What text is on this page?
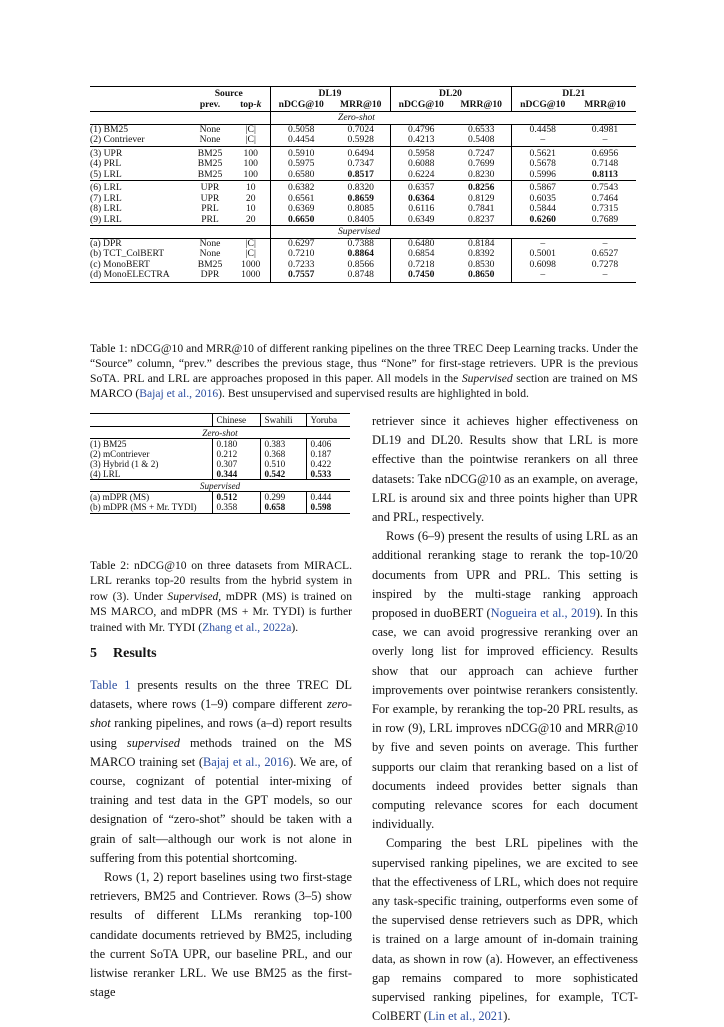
	Source		DL19		DL20		DL21	
	prev.	top-k	nDCG@10	MRR@10	nDCG@10	MRR@10	nDCG@10	MRR@10
				Zero-shot				
(1) BM25	None	|C|	0.5058	0.7024	0.4796	0.6533	0.4458	0.4981
(2) Contriever	None	|C|	0.4454	0.5928	0.4213	0.5408	–	–
(3) UPR	BM25	100	0.5910	0.6494	0.5958	0.7247	0.5621	0.6956
(4) PRL	BM25	100	0.5975	0.7347	0.6088	0.7699	0.5678	0.7148
(5) LRL	BM25	100	0.6580	0.8517	0.6224	0.8230	0.5996	0.8113
(6) LRL	UPR	10	0.6382	0.8320	0.6357	0.8256	0.5867	0.7543
(7) LRL	UPR	20	0.6561	0.8659	0.6364	0.8129	0.6035	0.7464
(8) LRL	PRL	10	0.6369	0.8085	0.6116	0.7841	0.5844	0.7315
(9) LRL	PRL	20	0.6650	0.8405	0.6349	0.8237	0.6260	0.7689
				Supervised				
(a) DPR	None	|C|	0.6297	0.7388	0.6480	0.8184	–	–
(b) TCT_ColBERT	None	|C|	0.7210	0.8864	0.6854	0.8392	0.5001	0.6527
(c) MonoBERT	BM25	1000	0.7233	0.8566	0.7218	0.8530	0.6098	0.7278
(d) MonoELECTRA	DPR	1000	0.7557	0.8748	0.7450	0.8650	–	–

Table 1: nDCG@10 and MRR@10 of different ranking pipelines on the three TREC Deep Learning tracks. Under the “Source” column, “prev.” describes the previous stage, thus “None” for first-stage retrievers. UPR is the previous SoTA. PRL and LRL are approaches proposed in this paper. All models in the Supervised section are trained on MS MARCO (Bajaj et al., 2016). Best unsupervised and supervised results are highlighted in bold.

	Chinese	Swahili	Yoruba
Zero-shot			
(1) BM25	0.180	0.383	0.406
(2) mContriever	0.212	0.368	0.187
(3) Hybrid (1 & 2)	0.307	0.510	0.422
(4) LRL	0.344	0.542	0.533
Supervised			
(a) mDPR (MS)	0.512	0.299	0.444
(b) mDPR (MS + Mr. TYDI)	0.358	0.658	0.598

Table 2: nDCG@10 on three datasets from MIRACL. LRL reranks top-20 results from the hybrid system in row (3). Under Supervised, mDPR (MS) is trained on MS MARCO, and mDPR (MS + Mr. TYDI) is further trained with Mr. TYDI (Zhang et al., 2022a).

5 Results

Table 1 presents results on the three TREC DL datasets, where rows (1–9) compare different zero-shot ranking pipelines, and rows (a–d) report results using supervised methods trained on the MS MARCO training set (Bajaj et al., 2016). We are, of course, cognizant of potential inter-mixing of training and test data in the GPT models, so our designation of “zero-shot” should be taken with a grain of salt—although our work is not alone in suffering from this potential shortcoming.

Rows (1, 2) report baselines using two first-stage retrievers, BM25 and Contriever. Rows (3–5) show results of different LLMs reranking top-100 candidate documents retrieved by BM25, including the current SoTA UPR, our baseline PRL, and our listwise reranker LRL. We use BM25 as the first-stage

retriever since it achieves higher effectiveness on DL19 and DL20. Results show that LRL is more effective than the pointwise rerankers on all three datasets: Take nDCG@10 as an example, on average, LRL is around six and three points higher than UPR and PRL, respectively.

Rows (6–9) present the results of using LRL as an additional reranking stage to rerank the top-10/20 documents from UPR and PRL. This setting is inspired by the multi-stage ranking approach proposed in duoBERT (Nogueira et al., 2019). In this case, we can avoid progressive reranking over an overly long list for improved efficiency. Results show that our approach can achieve further improvements over pointwise rerankers consistently. For example, by reranking the top-20 PRL results, as in row (9), LRL improves nDCG@10 and MRR@10 by five and seven points on average. This further supports our claim that reranking based on a list of documents indeed provides better signals than computing relevance scores for each document individually.

Comparing the best LRL pipelines with the supervised ranking pipelines, we are excited to see that the effectiveness of LRL, which does not require any task-specific training, outperforms even some of the supervised dense retrievers such as DPR, which is trained on a large amount of in-domain training data, as shown in row (a). However, an effectiveness gap remains compared to more sophisticated supervised ranking pipelines, for example, TCT-ColBERT (Lin et al., 2021).
